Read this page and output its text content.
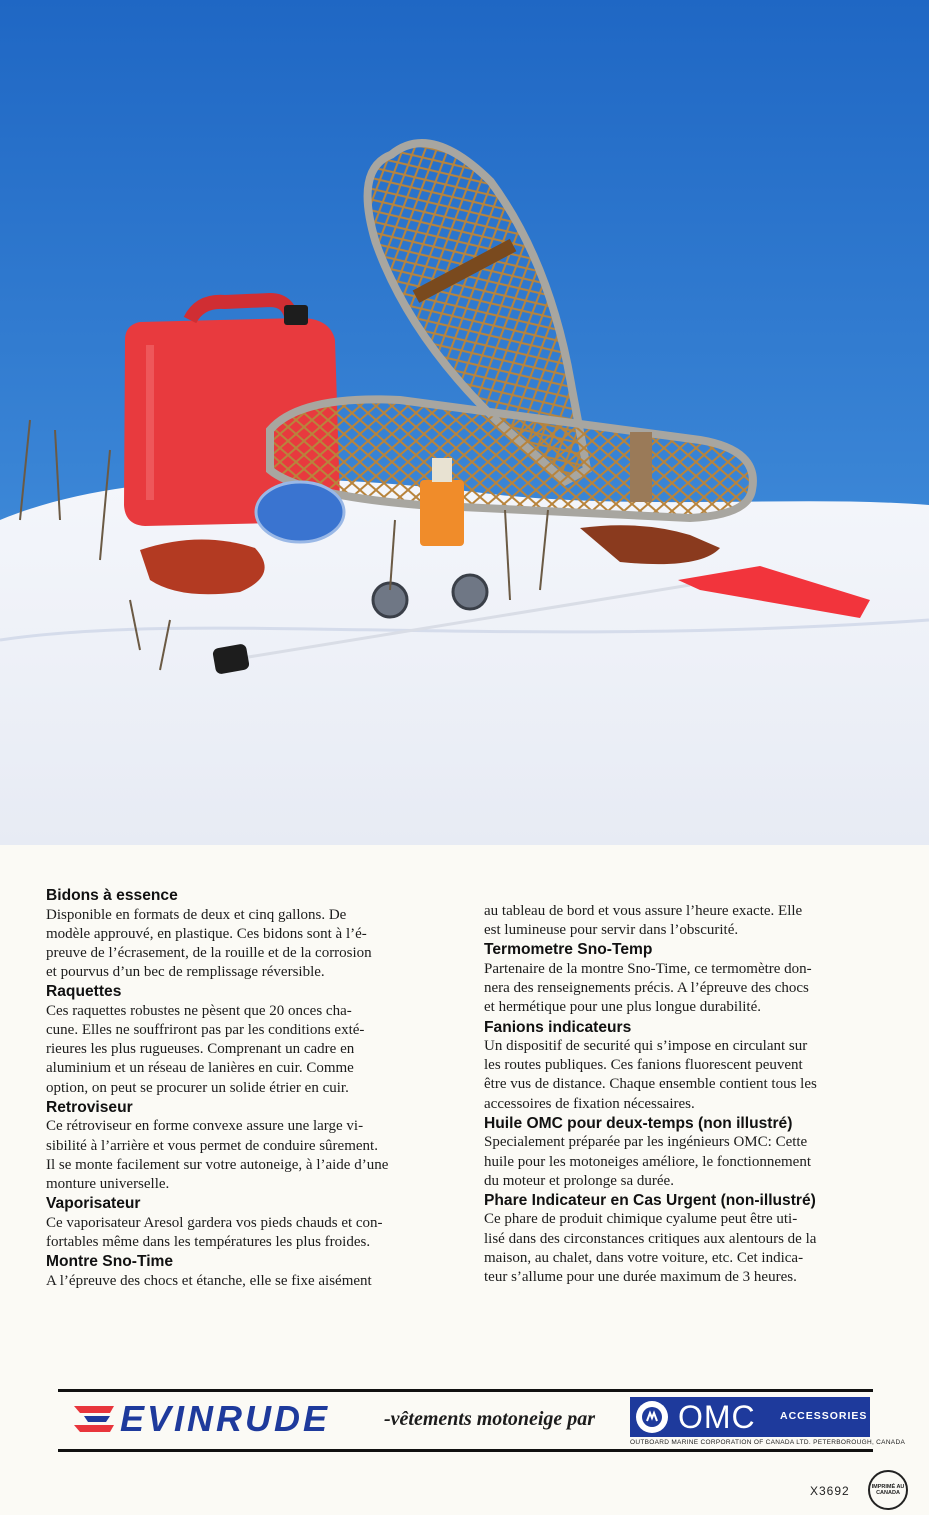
Bidons à essence
Disponible en formats de deux et cinq gallons. De
modèle approuvé, en plastique. Ces bidons sont à l’é-
preuve de l’écrasement, de la rouille et de la corrosion
et pourvus d’un bec de remplissage réversible.
Raquettes
Ces raquettes robustes ne pèsent que 20 onces cha-
cune. Elles ne souffriront pas par les conditions exté-
rieures les plus rugueuses. Comprenant un cadre en
aluminium et un réseau de lanières en cuir. Comme
option, on peut se procurer un solide étrier en cuir.
Retroviseur
Ce rétroviseur en forme convexe assure une large vi-
sibilité à l’arrière et vous permet de conduire sûrement.
Il se monte facilement sur votre autoneige, à l’aide d’une
monture universelle.
Vaporisateur
Ce vaporisateur Aresol gardera vos pieds chauds et con-
fortables même dans les températures les plus froides.
Montre Sno-Time
A l’épreuve des chocs et étanche, elle se fixe aisément
au tableau de bord et vous assure l’heure exacte. Elle
est lumineuse pour servir dans l’obscurité.
Termometre Sno-Temp
Partenaire de la montre Sno-Time, ce termomètre don-
nera des renseignements précis. A l’épreuve des chocs
et hermétique pour une plus longue durabilité.
Fanions indicateurs
Un dispositif de securité qui s’impose en circulant sur
les routes publiques. Ces fanions fluorescent peuvent
être vus de distance. Chaque ensemble contient tous les
accessoires de fixation nécessaires.
Huile OMC pour deux-temps (non illustré)
Specialement préparée par les ingénieurs OMC: Cette
huile pour les motoneiges améliore, le fonctionnement
du moteur et prolonge sa durée.
Phare Indicateur en Cas Urgent (non-illustré)
Ce phare de produit chimique cyalume peut être uti-
lisé dans des circonstances critiques aux alentours de la
maison, au chalet, dans votre voiture, etc. Cet indica-
teur s’allume pour une durée maximum de 3 heures.
EVINRUDE	-vêtements motoneige par	OMC ACCESSORIES
OUTBOARD MARINE CORPORATION OF CANADA LTD. PETERBOROUGH, CANADA
X3692	IMPRIMÉ AU CANADA
